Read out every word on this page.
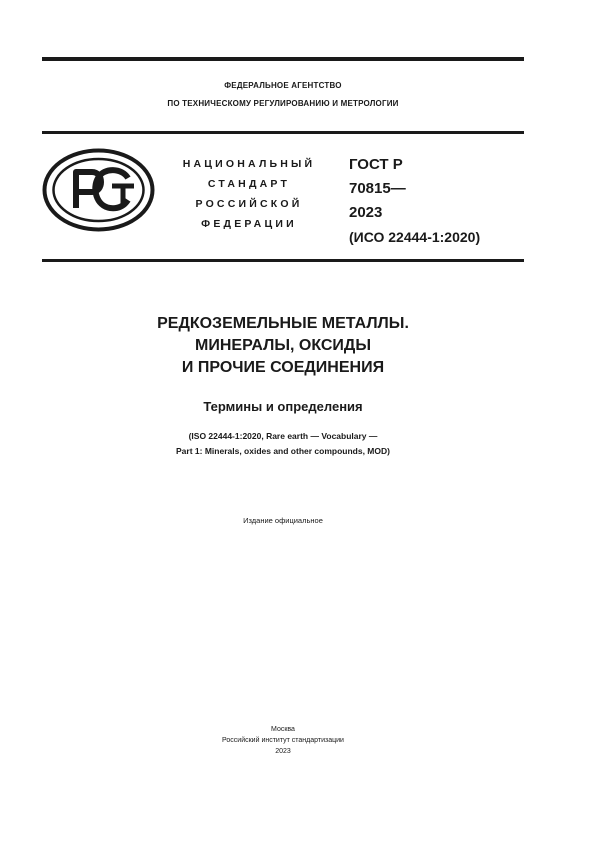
ФЕДЕРАЛЬНОЕ АГЕНТСТВО
ПО ТЕХНИЧЕСКОМУ РЕГУЛИРОВАНИЮ И МЕТРОЛОГИИ
НАЦИОНАЛЬНЫЙ
СТАНДАРТ
РОССИЙСКОЙ
ФЕДЕРАЦИИ
ГОСТ Р
70815—
2023
(ИСО 22444-1:2020)
РЕДКОЗЕМЕЛЬНЫЕ МЕТАЛЛЫ.
МИНЕРАЛЫ, ОКСИДЫ
И ПРОЧИЕ СОЕДИНЕНИЯ
Термины и определения
(ISO 22444-1:2020, Rare earth — Vocabulary —
Part 1: Minerals, oxides and other compounds, MOD)
Издание официальное
Москва
Российский институт стандартизации
2023
